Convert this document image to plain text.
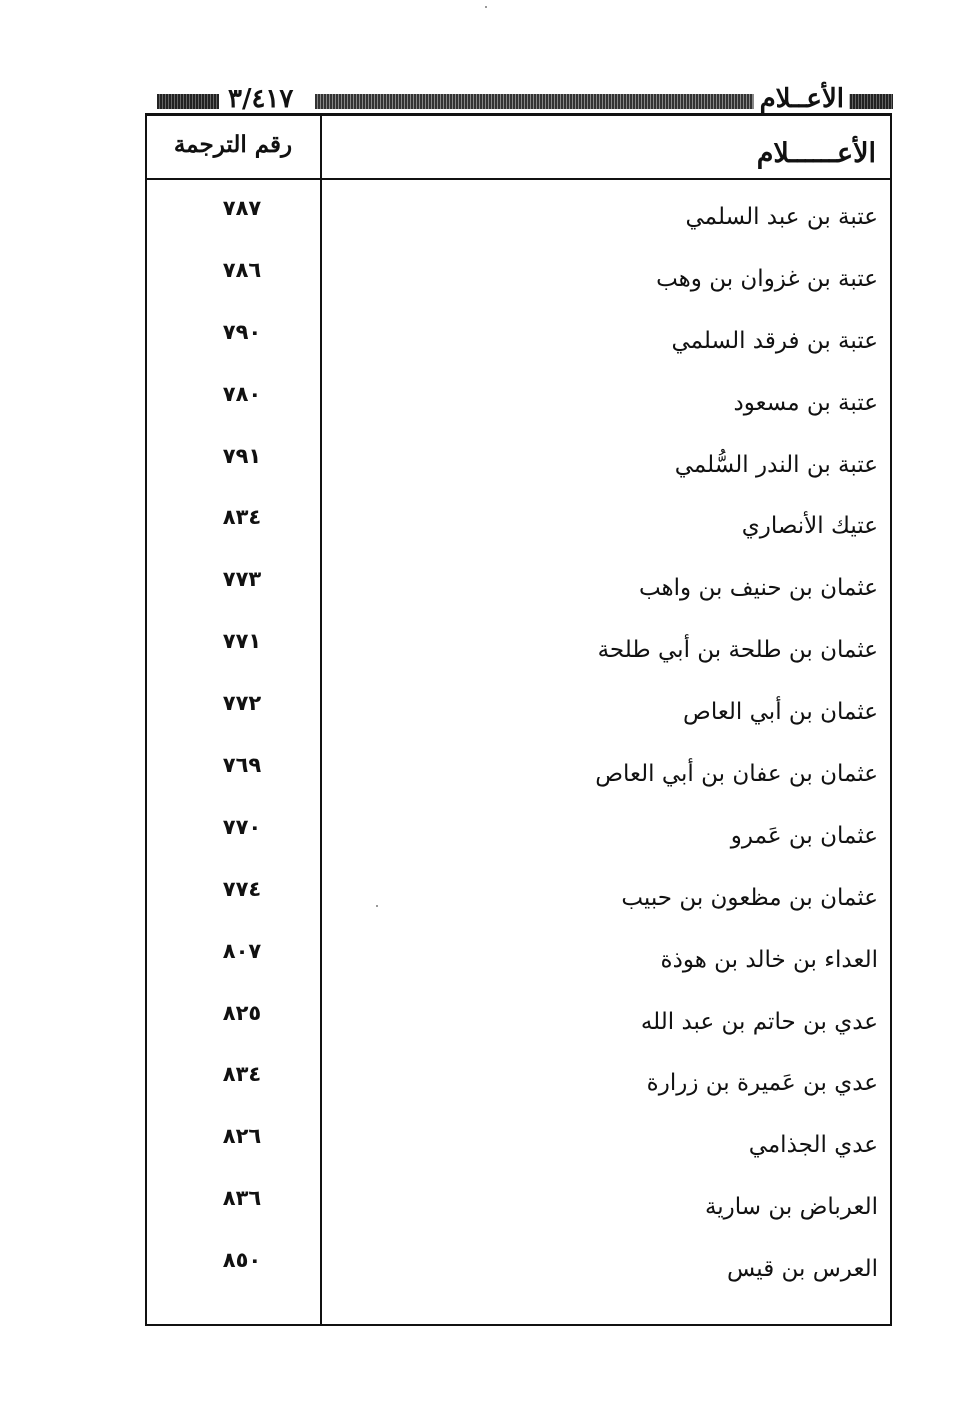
٣/٤١٧	الأعــلام
رقم الترجمة	الأعــــــلام
٧٨٧	عتبة بن عبد السلمي
٧٨٦	عتبة بن غزوان بن وهب
٧٩٠	عتبة بن فرقد السلمي
٧٨٠	عتبة بن مسعود
٧٩١	عتبة بن الندر السُّلمي
٨٣٤	عتيك الأنصاري
٧٧٣	عثمان بن حنيف بن واهب
٧٧١	عثمان بن طلحة بن أبي طلحة
٧٧٢	عثمان بن أبي العاص
٧٦٩	عثمان بن عفان بن أبي العاص
٧٧٠	عثمان بن عَمرو
٧٧٤	عثمان بن مظعون بن حبيب
٨٠٧	العداء بن خالد بن هوذة
٨٢٥	عدي بن حاتم بن عبد الله
٨٣٤	عدي بن عَميرة بن زرارة
٨٢٦	عدي الجذامي
٨٣٦	العرباض بن سارية
٨٥٠	العرس بن قيس
